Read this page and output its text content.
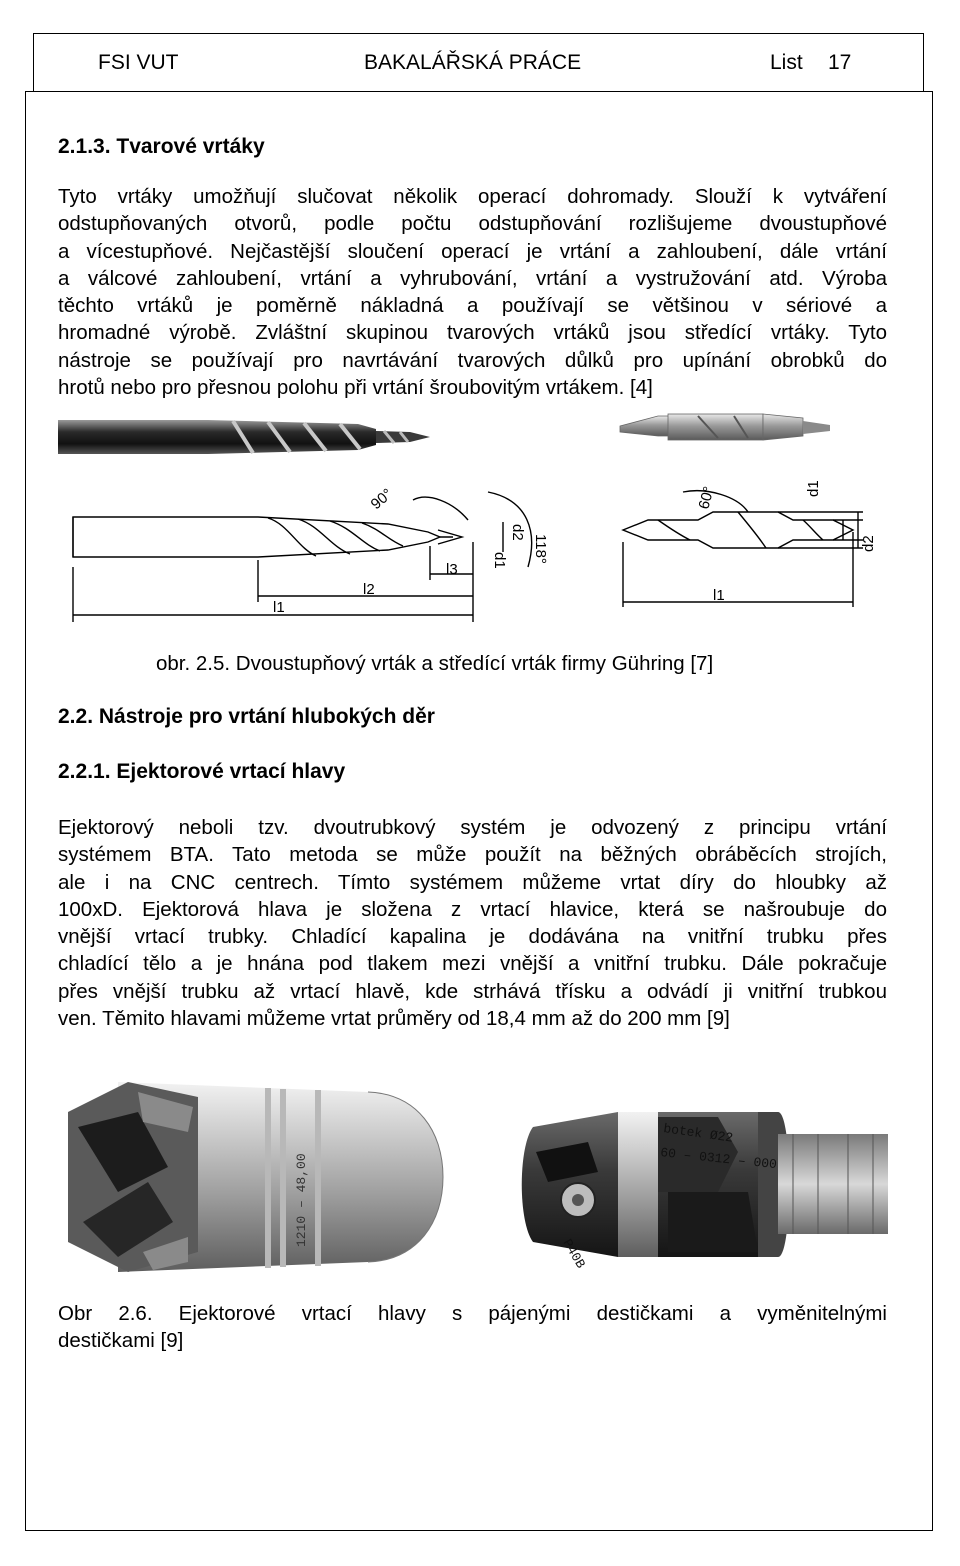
FSI VUT	BAKALÁŘSKÁ PRÁCE	List 17
2.1.3. Tvarové vrtáky
Tyto vrtáky umožňují slučovat několik operací dohromady. Slouží k vytváření
odstupňovaných otvorů, podle počtu odstupňování rozlišujeme dvoustupňové
a vícestupňové. Nejčastější sloučení operací je vrtání a zahloubení, dále vrtání
a válcové zahloubení, vrtání a vyhrubování, vrtání a vystružování atd. Výroba
těchto vrtáků je poměrně nákladná a používají se většinou v sériové a
hromadné výrobě. Zvláštní skupinou tvarových vrtáků jsou středící vrtáky. Tyto
nástroje se používají pro navrtávání tvarových důlků pro upínání obrobků do
hrotů nebo pro přesnou polohu při vrtání šroubovitým vrtákem. [4]
90°
118°
d2
d1
l3
l2
l1
60°	d1
d2
l1
obr. 2.5. Dvoustupňový vrták a středící vrták firmy Gühring [7]
2.2. Nástroje pro vrtání hlubokých děr
2.2.1. Ejektorové vrtací hlavy
Ejektorový neboli tzv. dvoutrubkový systém je odvozený z principu vrtání
systémem BTA. Tato metoda se může použít na běžných obráběcích strojích,
ale i na CNC centrech. Tímto systémem můžeme vrtat díry do hloubky až
100xD. Ejektorová hlava je složena z vrtací hlavice, která se našroubuje do
vnější vrtací trubky. Chladící kapalina je dodávána na vnitřní trubku přes
chladící tělo a je hnána pod tlakem mezi vnější a vnitřní trubku. Dále pokračuje
přes vnější trubku až vrtací hlavě, kde strhává třísku a odvádí ji vnitřní trubkou
ven. Těmito hlavami můžeme vrtat průměry od 18,4 mm až do 200 mm [9]
1210 – 48,00
botek Ø22
60 – 0312 – 000
P40B
Obr 2.6. Ejektorové vrtací hlavy s pájenými destičkami a vyměnitelnými
destičkami [9]
